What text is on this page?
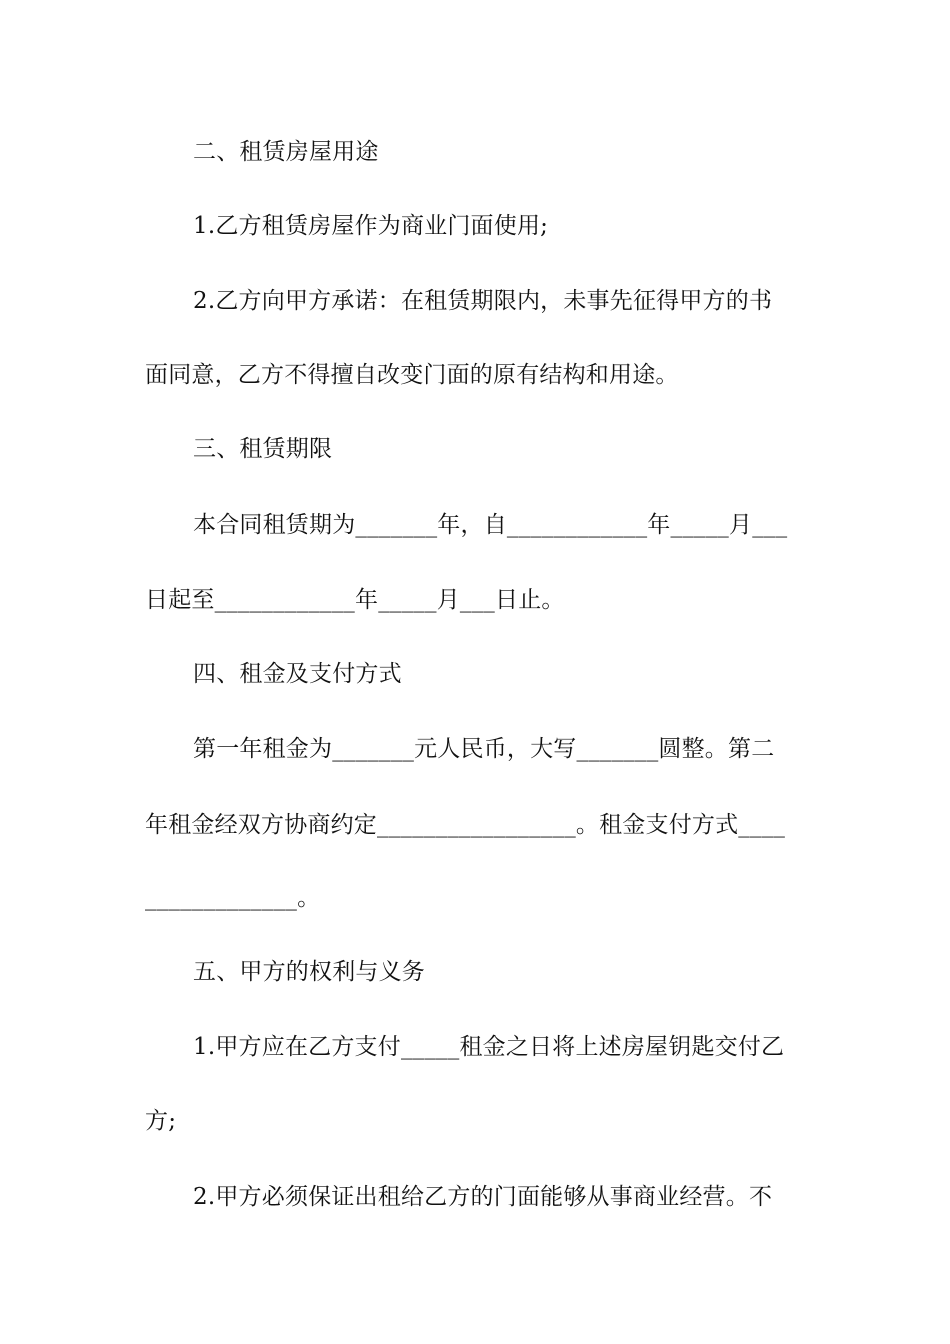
二、租赁房屋用途
1.乙方租赁房屋作为商业门面使用;
2.乙方向甲方承诺：在租赁期限内，未事先征得甲方的书
面同意，乙方不得擅自改变门面的原有结构和用途。
三、租赁期限
本合同租赁期为_______年，自____________年_____月___
日起至____________年_____月___日止。
四、租金及支付方式
第一年租金为_______元人民币，大写_______圆整。第二
年租金经双方协商约定_________________。租金支付方式____
_____________。
五、甲方的权利与义务
1.甲方应在乙方支付_____租金之日将上述房屋钥匙交付乙
方;
2.甲方必须保证出租给乙方的门面能够从事商业经营。不
